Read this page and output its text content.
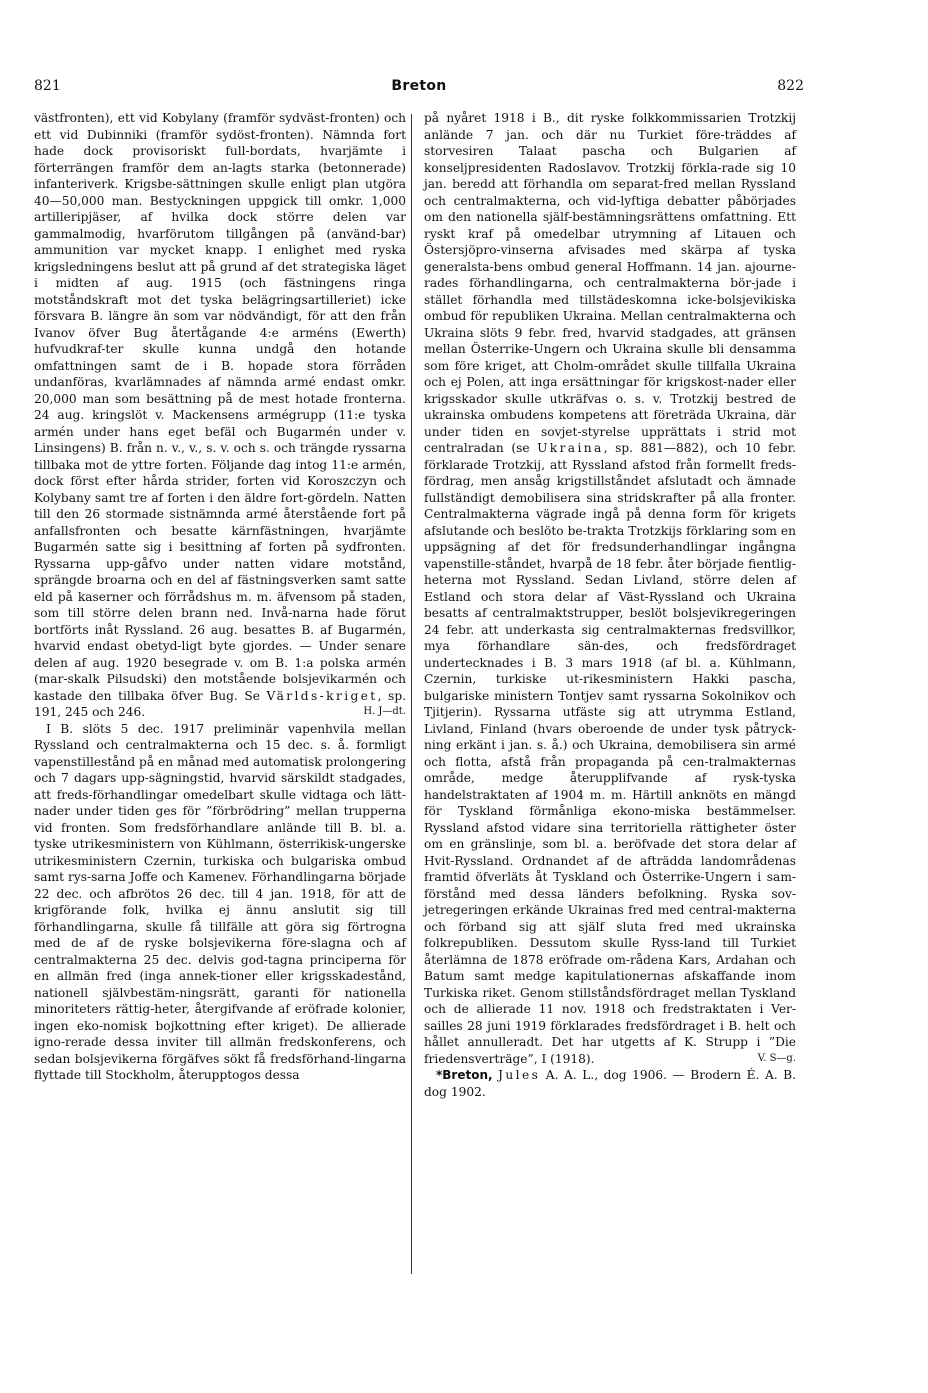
821	Breton	822

västfronten), ett vid Kobylany (framför sydväst-fronten) och ett vid Dubinniki (framför sydöst-fronten). Nämnda fort hade dock provisoriskt full-bordats, hvarjämte i förterrängen framför dem an-lagts starka (betonnerade) infanteriverk. Krigsbe-sättningen skulle enligt plan utgöra 40—50,000 man. Bestyckningen uppgick till omkr. 1,000 artilleripjäser, af hvilka dock större delen var gammalmodig, hvarförutom tillgången på (använd-bar) ammunition var mycket knapp. I enlighet med ryska krigsledningens beslut att på grund af det strategiska läget i midten af aug. 1915 (och fästningens ringa motståndskraft mot det tyska belägringsartilleriet) icke försvara B. längre än som var nödvändigt, för att den från Ivanov öfver Bug återtågande 4:e arméns (Ewerth) hufvudkraf-ter skulle kunna undgå den hotande omfattningen samt de i B. hopade stora förråden undanföras, kvarlämnades af nämnda armé endast omkr. 20,000 man som besättning på de mest hotade fronterna. 24 aug. kringslöt v. Mackensens armégrupp (11:e tyska armén under hans eget befäl och Bugarmén under v. Linsingens) B. från n. v., v., s. v. och s. och trängde ryssarna tillbaka mot de yttre forten. Följande dag intog 11:e armén, dock först efter hårda strider, forten vid Koroszczyn och Kolybany samt tre af forten i den äldre fort-gördeln. Natten till den 26 stormade sistnämnda armé återstående fort på anfallsfronten och besatte kärnfästningen, hvarjämte Bugarmén satte sig i besittning af forten på sydfronten. Ryssarna upp-gåfvo under natten vidare motstånd, sprängde broarna och en del af fästningsverken samt satte eld på kaserner och förrådshus m. m. äfvensom på staden, som till större delen brann ned. Invå-narna hade förut bortförts inåt Ryssland. 26 aug. besattes B. af Bugarmén, hvarvid endast obetyd-ligt byte gjordes. — Under senare delen af aug. 1920 besegrade v. om B. 1:a polska armén (mar-skalk Pilsudski) den motstående bolsjevikarmén och kastade den tillbaka öfver Bug. Se Världs-kriget, sp. 191, 245 och 246.	H. J—dt.

I B. slöts 5 dec. 1917 preliminär vapenhvila mellan Ryssland och centralmakterna och 15 dec. s. å. formligt vapenstillestånd på en månad med automatisk prolongering och 7 dagars upp-sägningstid, hvarvid särskildt stadgades, att freds-förhandlingar omedelbart skulle vidtaga och lätt-nader under tiden ges för ”förbrödring” mellan trupperna vid fronten. Som fredsförhandlare anlände till B. bl. a. tyske utrikesministern von Kühlmann, österrikisk-ungerske utrikesministern Czernin, turkiska och bulgariska ombud samt rys-sarna Joffe och Kamenev. Förhandlingarna började 22 dec. och afbrötos 26 dec. till 4 jan. 1918, för att de krigförande folk, hvilka ej ännu anslutit sig till förhandlingarna, skulle få tillfälle att göra sig förtrogna med de af de ryske bolsjevikerna före-slagna och af centralmakterna 25 dec. delvis god-tagna principerna för en allmän fred (inga annek-tioner eller krigsskadestånd, nationell självbestäm-ningsrätt, garanti för nationella minoriteters rättig-heter, återgifvande af eröfrade kolonier, ingen eko-nomisk bojkottning efter kriget). De allierade igno-rerade dessa inviter till allmän fredskonferens, och sedan bolsjevikerna förgäfves sökt få fredsförhand-lingarna flyttade till Stockholm, återupptogos dessa

på nyåret 1918 i B., dit ryske folkkommissarien Trotzkij anlände 7 jan. och där nu Turkiet före-träddes af storvesiren Talaat pascha och Bulgarien af konseljpresidenten Radoslavov. Trotzkij förkla-rade sig 10 jan. beredd att förhandla om separat-fred mellan Ryssland och centralmakterna, och vid-lyftiga debatter påbörjades om den nationella själf-bestämningsrättens omfattning. Ett ryskt kraf på omedelbar utrymning af Litauen och Östersjöpro-vinserna afvisades med skärpa af tyska generalsta-bens ombud general Hoffmann. 14 jan. ajourne-rades förhandlingarna, och centralmakterna bör-jade i stället förhandla med tillstädeskomna icke-bolsjevikiska ombud för republiken Ukraina. Mellan centralmakterna och Ukraina slöts 9 febr. fred, hvarvid stadgades, att gränsen mellan Österrike-Ungern och Ukraina skulle bli densamma som före kriget, att Cholm-området skulle tillfalla Ukraina och ej Polen, att inga ersättningar för krigskost-nader eller krigsskador skulle utkräfvas o. s. v. Trotzkij bestred de ukrainska ombudens kompetens att företräda Ukraina, där under tiden en sovjet-styrelse upprättats i strid mot centralradan (se Ukraina, sp. 881—882), och 10 febr. förklarade Trotzkij, att Ryssland afstod från formellt freds-fördrag, men ansåg krigstillståndet afslutadt och ämnade fullständigt demobilisera sina stridskrafter på alla fronter. Centralmakterna vägrade ingå på denna form för krigets afslutande och beslöto be-trakta Trotzkijs förklaring som en uppsägning af det för fredsunderhandlingar ingångna vapenstille-ståndet, hvarpå de 18 febr. åter började fientlig-heterna mot Ryssland. Sedan Livland, större delen af Estland och stora delar af Väst-Ryssland och Ukraina besatts af centralmaktstrupper, beslöt bolsjevikregeringen 24 febr. att underkasta sig centralmakternas fredsvillkor, mya förhandlare sän-des, och fredsfördraget undertecknades i B. 3 mars 1918 (af bl. a. Kühlmann, Czernin, turkiske ut-rikesministern Hakki pascha, bulgariske ministern Tontjev samt ryssarna Sokolnikov och Tjitjerin). Ryssarna utfäste sig att utrymma Estland, Livland, Finland (hvars oberoende de under tysk påtryck-ning erkänt i jan. s. å.) och Ukraina, demobilisera sin armé och flotta, afstå från propaganda på cen-tralmakternas område, medge återupplifvande af rysk-tyska handelstraktaten af 1904 m. m. Härtill anknöts en mängd för Tyskland förmånliga ekono-miska bestämmelser. Ryssland afstod vidare sina territoriella rättigheter öster om en gränslinje, som bl. a. beröfvade det stora delar af Hvit-Ryssland. Ordnandet af de afträdda landområdenas framtid öfverläts åt Tyskland och Österrike-Ungern i sam-förstånd med dessa länders befolkning. Ryska sov-jetregeringen erkände Ukrainas fred med central-makterna och förband sig att själf sluta fred med ukrainska folkrepubliken. Dessutom skulle Ryss-land till Turkiet återlämna de 1878 eröfrade om-rådena Kars, Ardahan och Batum samt medge kapitulationernas afskaffande inom Turkiska riket. Genom stillståndsfördraget mellan Tyskland och de allierade 11 nov. 1918 och fredstraktaten i Ver-sailles 28 juni 1919 förklarades fredsfördraget i B. helt och hållet annulleradt. Det har utgetts af K. Strupp i ”Die friedensverträge”, I (1918).	V. S—g.

*Breton, Jules A. A. L., dog 1906. — Brodern É. A. B. dog 1902.
